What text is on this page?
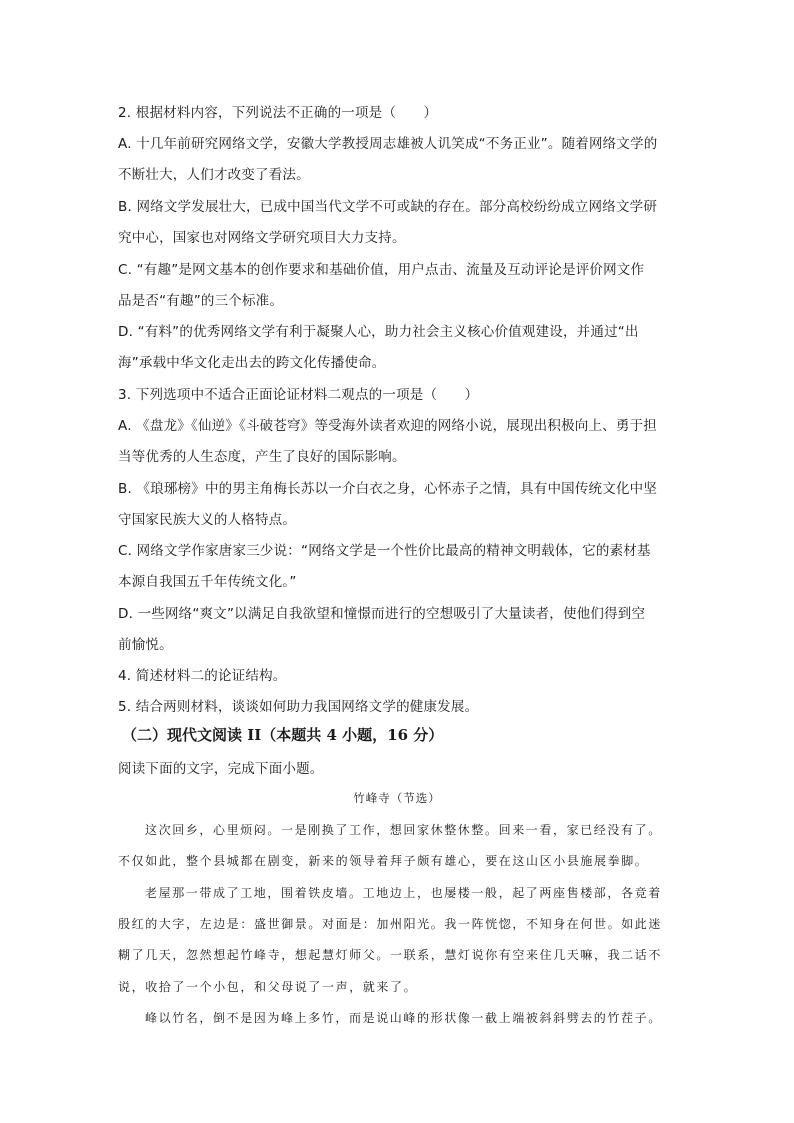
2. 根据材料内容，下列说法不正确的一项是（　　）
A. 十几年前研究网络文学，安徽大学教授周志雄被人讥笑成“不务正业”。随着网络文学的
不断壮大，人们才改变了看法。
B. 网络文学发展壮大，已成中国当代文学不可或缺的存在。部分高校纷纷成立网络文学研
究中心，国家也对网络文学研究项目大力支持。
C. “有趣”是网文基本的创作要求和基础价值，用户点击、流量及互动评论是评价网文作
品是否“有趣”的三个标准。
D. “有料”的优秀网络文学有利于凝聚人心，助力社会主义核心价值观建设，并通过“出
海”承载中华文化走出去的跨文化传播使命。
3. 下列选项中不适合正面论证材料二观点的一项是（　　）
A. 《盘龙》《仙逆》《斗破苍穹》等受海外读者欢迎的网络小说，展现出积极向上、勇于担
当等优秀的人生态度，产生了良好的国际影响。
B. 《琅琊榜》中的男主角梅长苏以一介白衣之身，心怀赤子之情，具有中国传统文化中坚
守国家民族大义的人格特点。
C. 网络文学作家唐家三少说：“网络文学是一个性价比最高的精神文明载体，它的素材基
本源自我国五千年传统文化。”
D. 一些网络“爽文”以满足自我欲望和憧憬而进行的空想吸引了大量读者，使他们得到空
前愉悦。
4. 简述材料二的论证结构。
5. 结合两则材料，谈谈如何助力我国网络文学的健康发展。
（二）现代文阅读 II（本题共 4 小题，16 分）
阅读下面的文字，完成下面小题。
竹峰寺（节选）
这次回乡，心里烦闷。一是刚换了工作，想回家休整休整。回来一看，家已经没有了。
不仅如此，整个县城都在剧变，新来的领导着拜子颇有雄心，要在这山区小县施展拳脚。
老屋那一带成了工地，围着铁皮墙。工地边上，也屡楼一般，起了两座售楼部，各竞着
殷红的大字，左边是：盛世御景。对面是：加州阳光。我一阵恍惚，不知身在何世。如此迷
糊了几天，忽然想起竹峰寺，想起慧灯师父。一联系，慧灯说你有空来住几天嘛，我二话不
说，收拾了一个小包，和父母说了一声，就来了。
峰以竹名，倒不是因为峰上多竹，而是说山峰的形状像一截上端被斜斜劈去的竹茬子。
